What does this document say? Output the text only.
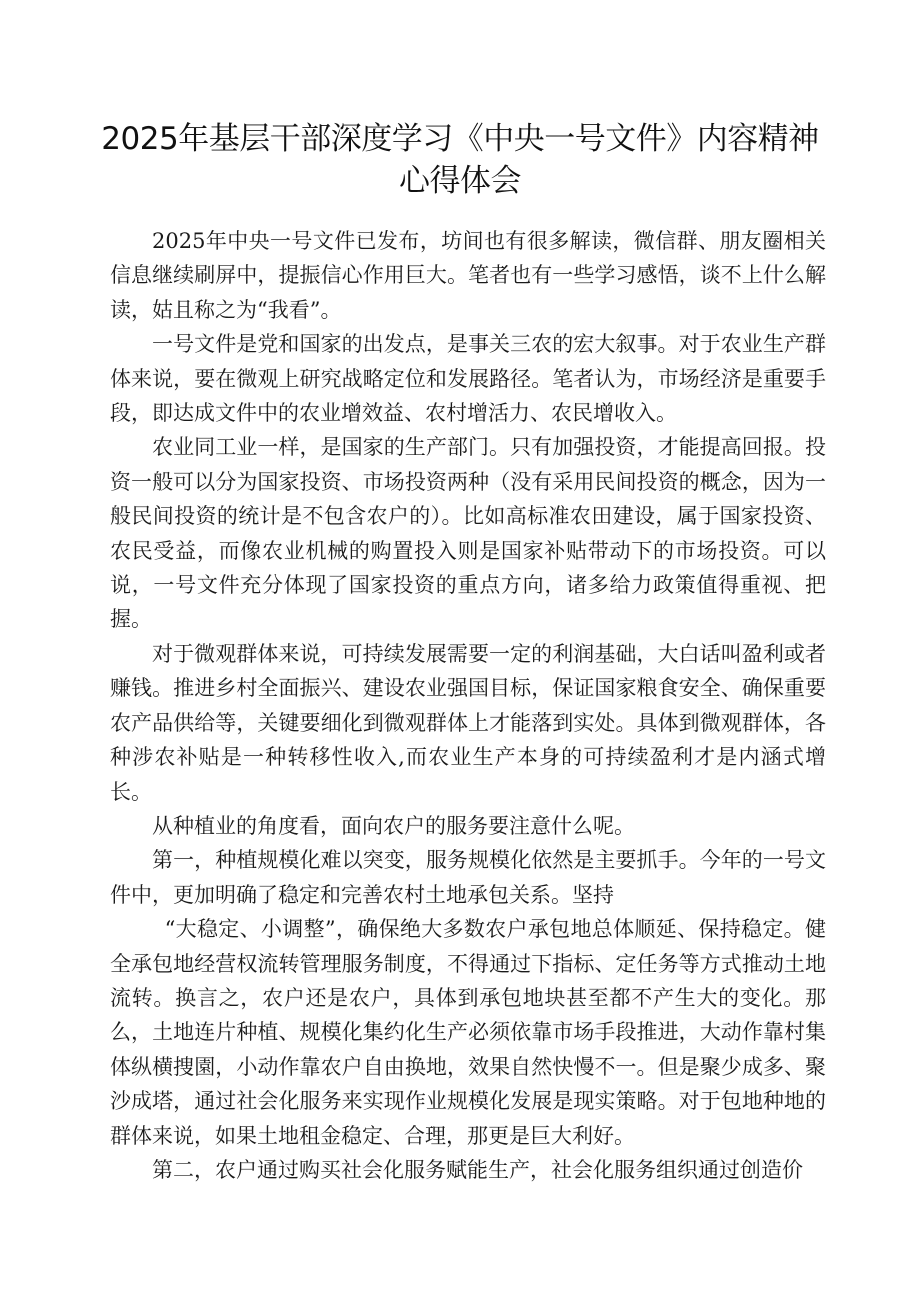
2025年基层干部深度学习《中央一号文件》内容精神心得体会

2025年中央一号文件已发布，坊间也有很多解读，微信群、朋友圈相关信息继续刷屏中，提振信心作用巨大。笔者也有一些学习感悟，谈不上什么解读，姑且称之为“我看”。

一号文件是党和国家的出发点，是事关三农的宏大叙事。对于农业生产群体来说，要在微观上研究战略定位和发展路径。笔者认为，市场经济是重要手段，即达成文件中的农业增效益、农村增活力、农民增收入。

农业同工业一样，是国家的生产部门。只有加强投资，才能提高回报。投资一般可以分为国家投资、市场投资两种（没有采用民间投资的概念，因为一般民间投资的统计是不包含农户的）。比如高标准农田建设，属于国家投资、农民受益，而像农业机械的购置投入则是国家补贴带动下的市场投资。可以说，一号文件充分体现了国家投资的重点方向，诸多给力政策值得重视、把握。

对于微观群体来说，可持续发展需要一定的利润基础，大白话叫盈利或者赚钱。推进乡村全面振兴、建设农业强国目标，保证国家粮食安全、确保重要农产品供给等，关键要细化到微观群体上才能落到实处。具体到微观群体，各种涉农补贴是一种转移性收入,而农业生产本身的可持续盈利才是内涵式增长。

从种植业的角度看，面向农户的服务要注意什么呢。

第一，种植规模化难以突变，服务规模化依然是主要抓手。今年的一号文件中，更加明确了稳定和完善农村土地承包关系。坚持

“大稳定、小调整”，确保绝大多数农户承包地总体顺延、保持稳定。健全承包地经营权流转管理服务制度，不得通过下指标、定任务等方式推动土地流转。换言之，农户还是农户，具体到承包地块甚至都不产生大的变化。那么，土地连片种植、规模化集约化生产必须依靠市场手段推进，大动作靠村集体纵横捜園，小动作靠农户自由换地，效果自然快慢不一。但是聚少成多、聚沙成塔，通过社会化服务来实现作业规模化发展是现实策略。对于包地种地的群体来说，如果土地租金稳定、合理，那更是巨大利好。

第二，农户通过购买社会化服务赋能生产，社会化服务组织通过创造价
